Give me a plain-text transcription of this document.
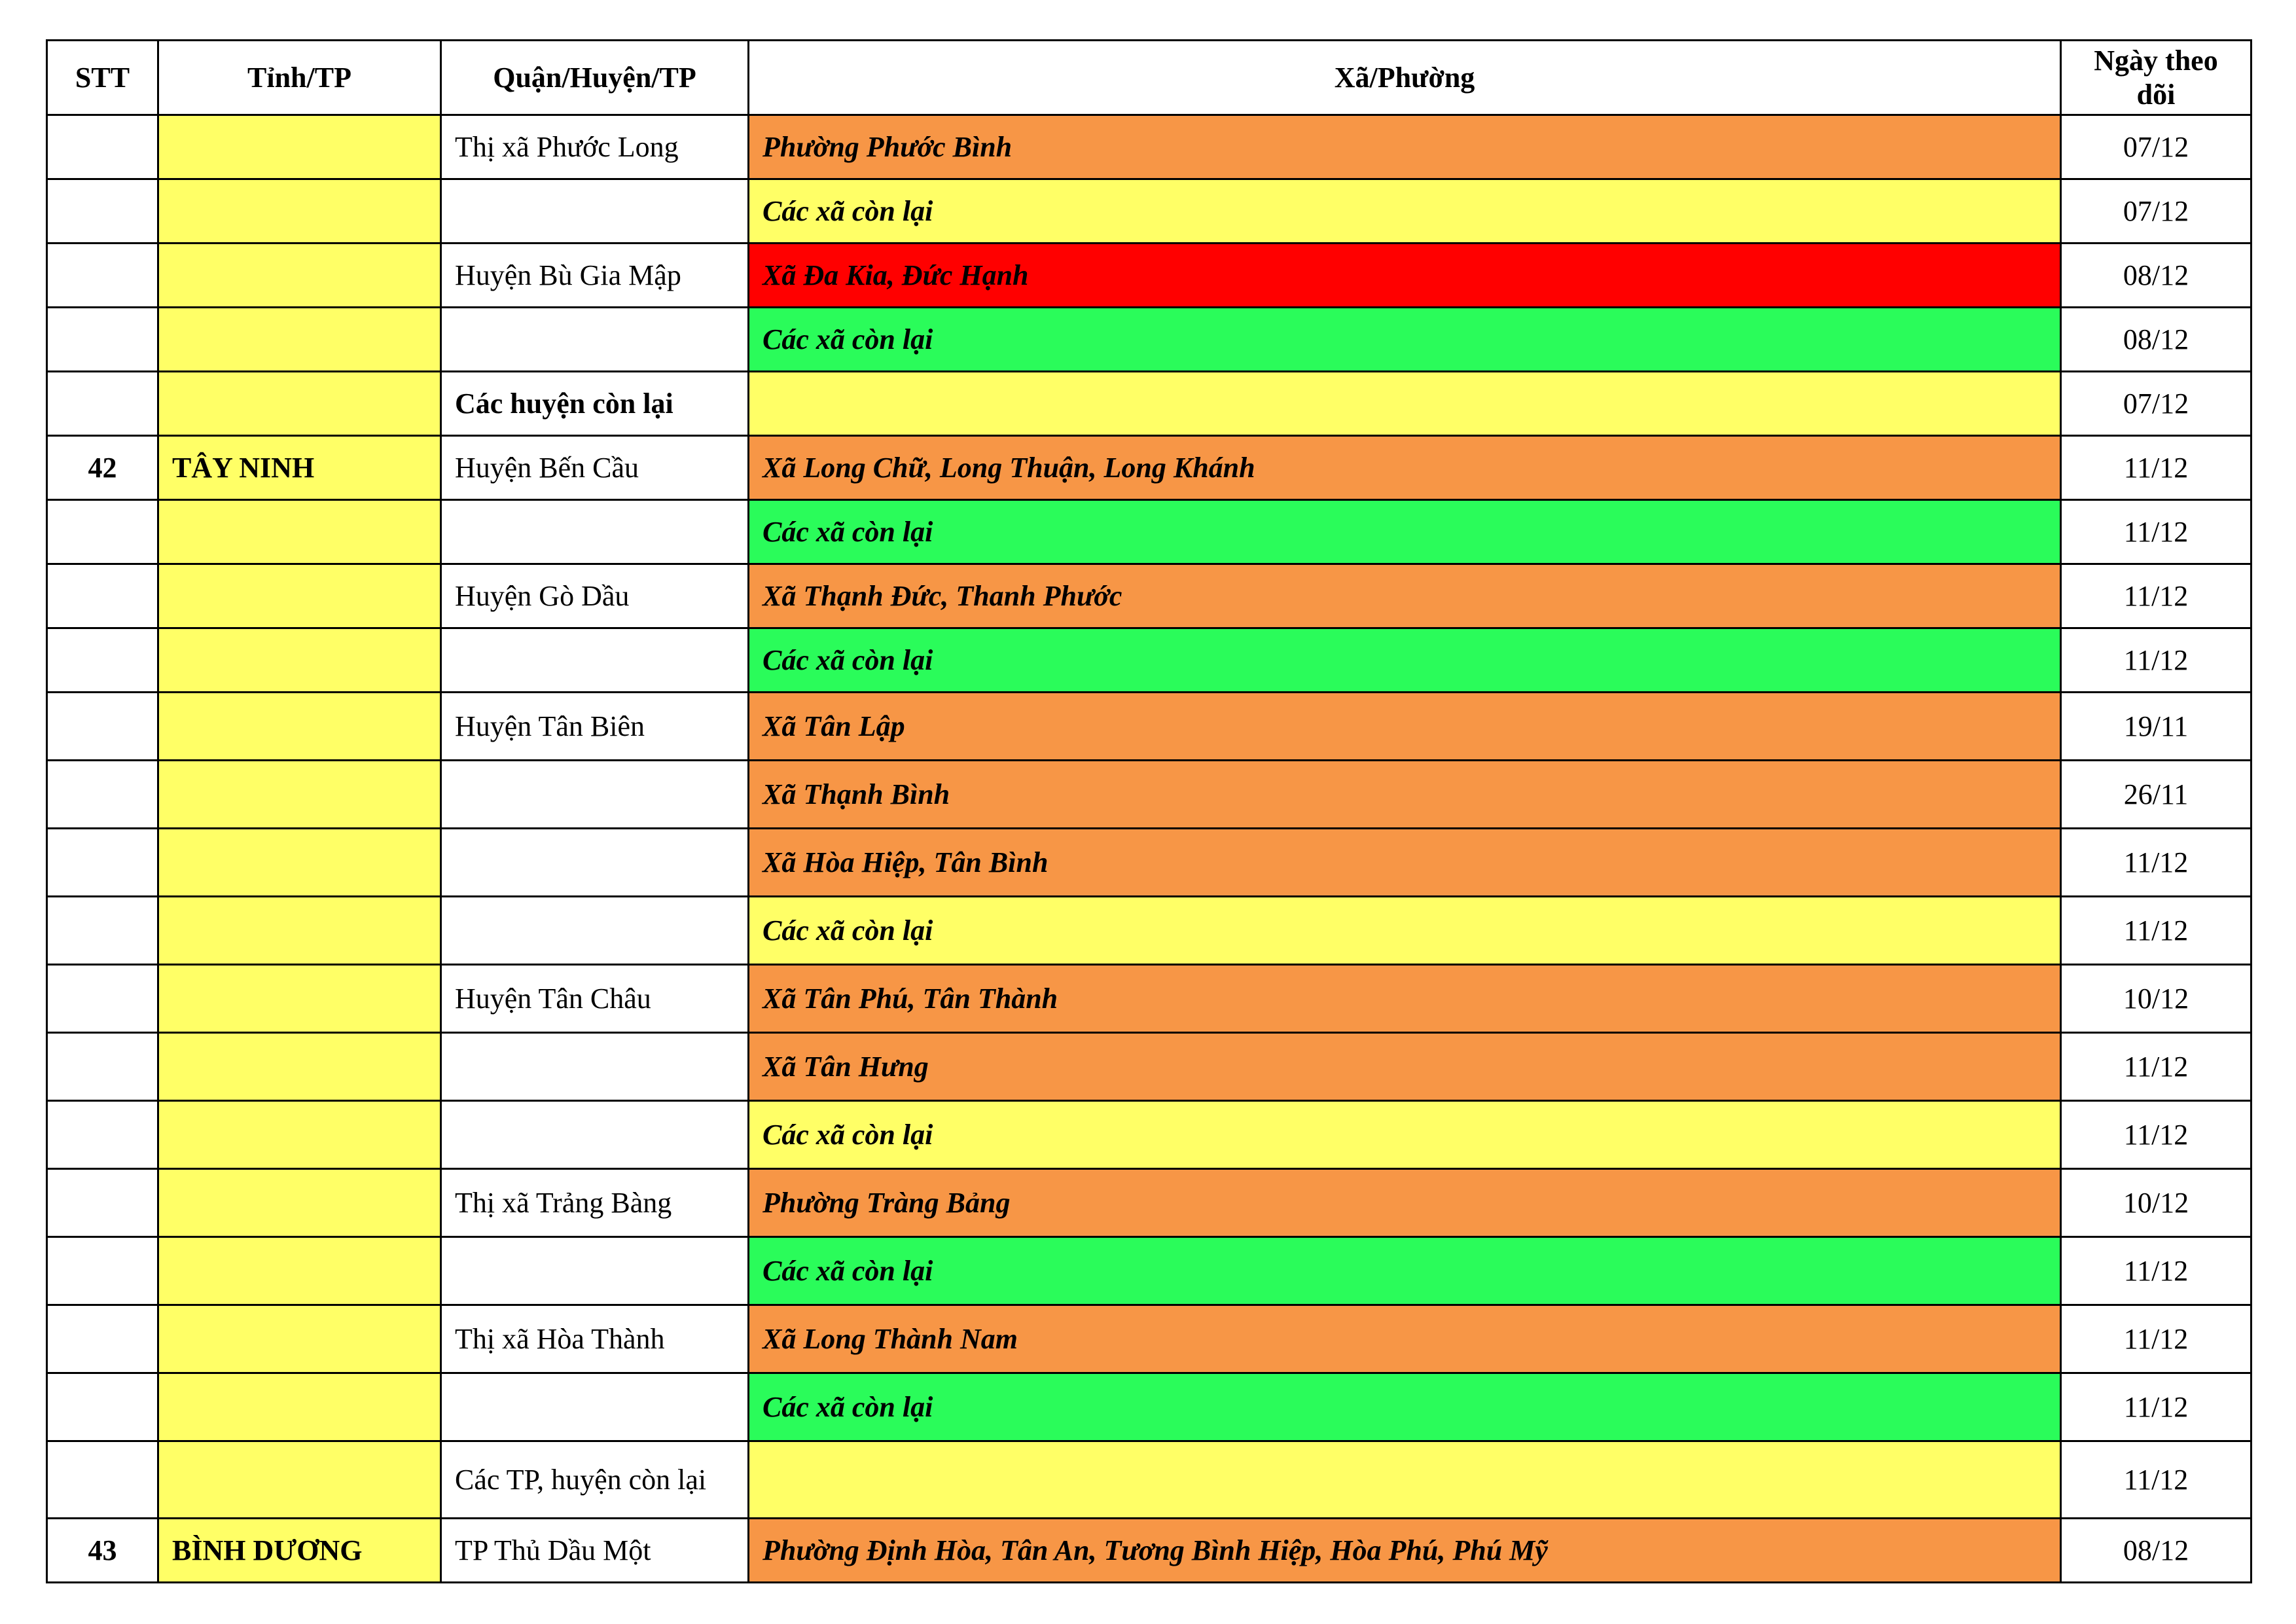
STT	Tỉnh/TP	Quận/Huyện/TP	Xã/Phường	Ngày theo dõi
		Thị xã Phước Long	Phường Phước Bình	07/12
			Các xã còn lại	07/12
		Huyện Bù Gia Mập	Xã Đa Kia, Đức Hạnh	08/12
			Các xã còn lại	08/12
		Các huyện còn lại		07/12
42	TÂY NINH	Huyện Bến Cầu	Xã Long Chữ, Long Thuận, Long Khánh	11/12
			Các xã còn lại	11/12
		Huyện Gò Dầu	Xã Thạnh Đức, Thanh Phước	11/12
			Các xã còn lại	11/12
		Huyện Tân Biên	Xã Tân Lập	19/11
			Xã Thạnh Bình	26/11
			Xã Hòa Hiệp, Tân Bình	11/12
			Các xã còn lại	11/12
		Huyện Tân Châu	Xã Tân Phú, Tân Thành	10/12
			Xã Tân Hưng	11/12
			Các xã còn lại	11/12
		Thị xã Trảng Bàng	Phường Tràng Bảng	10/12
			Các xã còn lại	11/12
		Thị xã Hòa Thành	Xã Long Thành Nam	11/12
			Các xã còn lại	11/12
		Các TP, huyện còn lại		11/12
43	BÌNH DƯƠNG	TP Thủ Dầu Một	Phường Định Hòa, Tân An, Tương Bình Hiệp, Hòa Phú, Phú Mỹ	08/12
